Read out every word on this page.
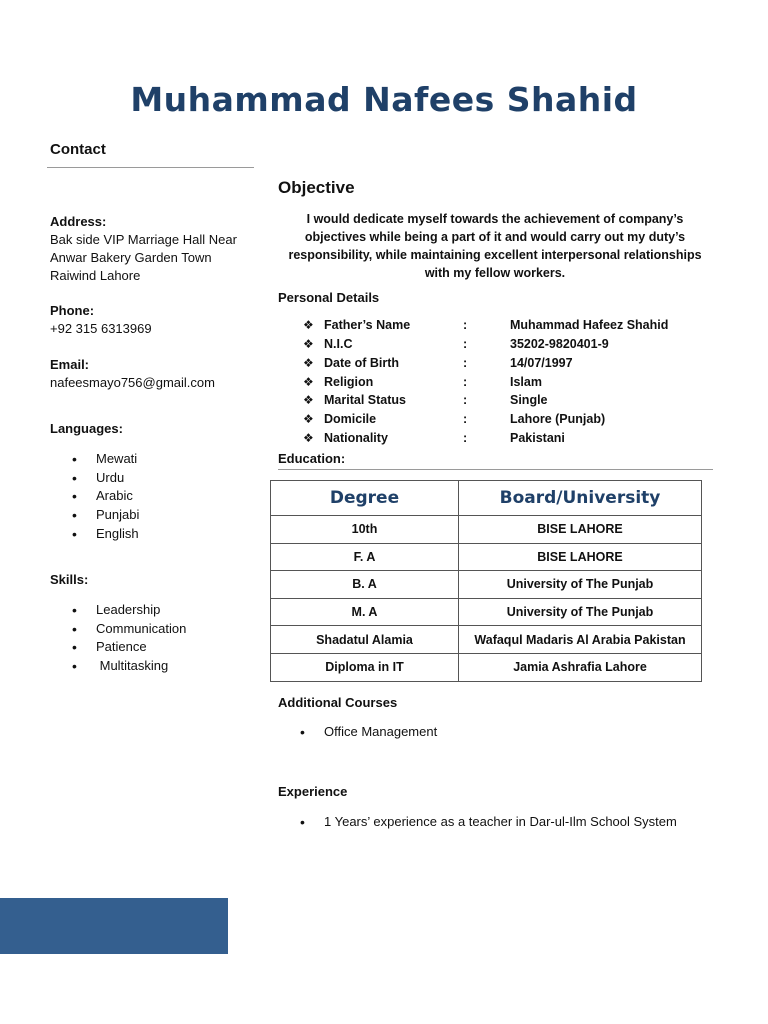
Muhammad Nafees Shahid
Contact
Address:
Bak side VIP Marriage Hall Near
Anwar Bakery Garden Town
Raiwind Lahore
Phone:
+92 315 6313969
Email:
nafeesmayo756@gmail.com
Languages:
• Mewati
• Urdu
• Arabic
• Punjabi
• English
Skills:
• Leadership
• Communication
• Patience
•  Multitasking
Objective
I would dedicate myself towards the achievement of company’s objectives while being a part of it and would carry out my duty’s responsibility, while maintaining excellent interpersonal relationships with my fellow workers.
Personal Details
❖ Father’s Name	:	Muhammad Hafeez Shahid
❖ N.I.C	:	35202-9820401-9
❖ Date of Birth	:	14/07/1997
❖ Religion	:	Islam
❖ Marital Status	:	Single
❖ Domicile	:	Lahore (Punjab)
❖ Nationality	:	Pakistani
Education:
Degree	Board/University
10th	BISE LAHORE
F. A	BISE LAHORE
B. A	University of The Punjab
M. A	University of The Punjab
Shadatul Alamia	Wafaqul Madaris Al Arabia Pakistan
Diploma in IT	Jamia Ashrafia Lahore
Additional Courses
• Office Management
Experience
• 1 Years’ experience as a teacher in Dar-ul-Ilm School System
